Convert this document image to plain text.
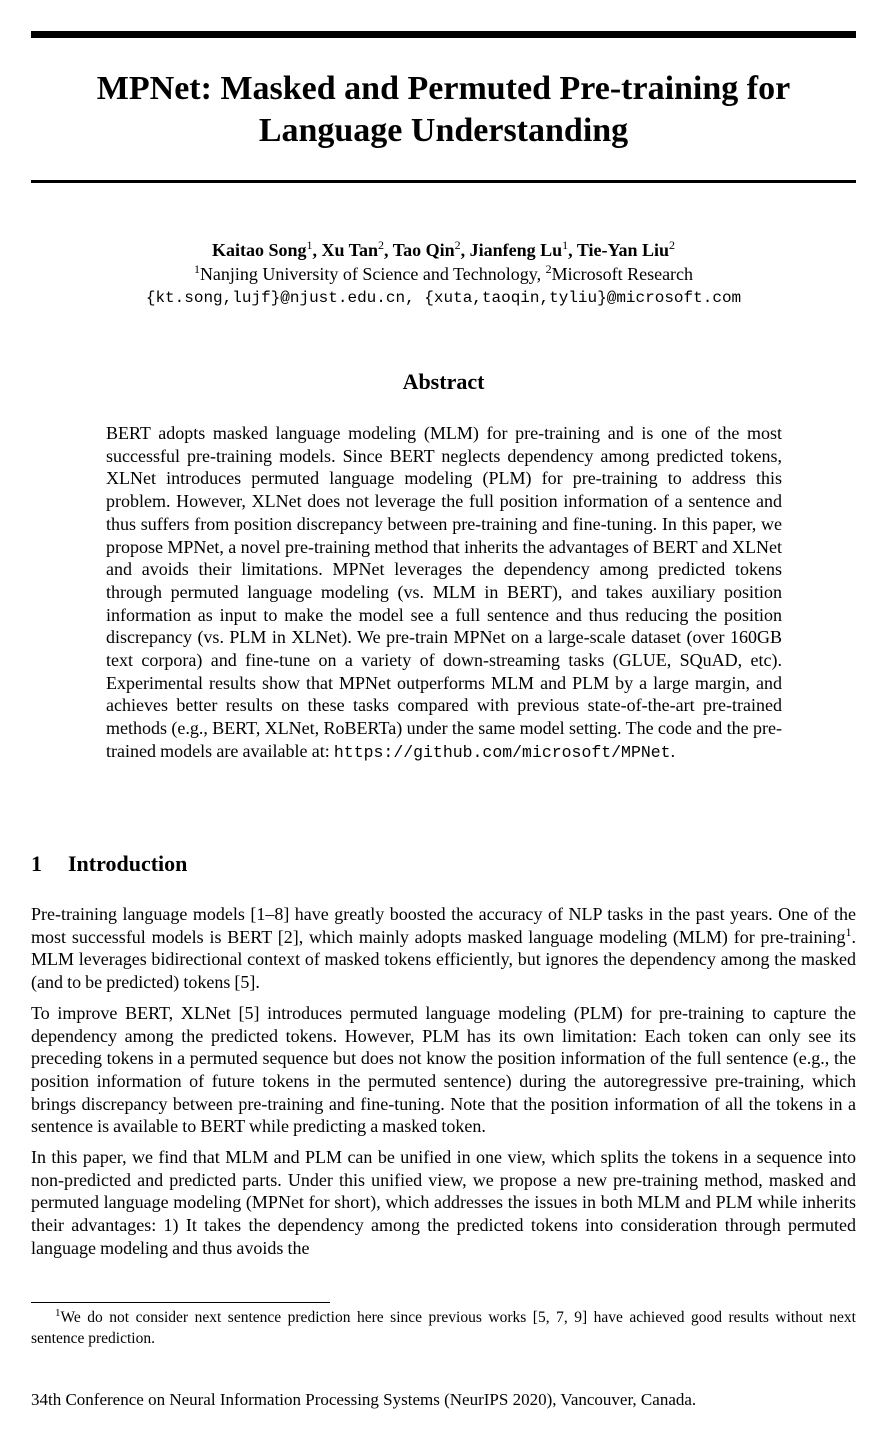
MPNet: Masked and Permuted Pre-training for
Language Understanding
Kaitao Song$^1$, Xu Tan$^2$, Tao Qin$^2$, Jianfeng Lu$^1$, Tie-Yan Liu$^2$
$^1$Nanjing University of Science and Technology, $^2$Microsoft Research
{kt.song,lujf}@njust.edu.cn, {xuta,taoqin,tyliu}@microsoft.com
Abstract
BERT adopts masked language modeling (MLM) for pre-training and is one of the most successful pre-training models. Since BERT neglects dependency among predicted tokens, XLNet introduces permuted language modeling (PLM) for pre-training to address this problem. However, XLNet does not leverage the full position information of a sentence and thus suffers from position discrepancy between pre-training and fine-tuning. In this paper, we propose MPNet, a novel pre-training method that inherits the advantages of BERT and XLNet and avoids their limitations. MPNet leverages the dependency among predicted tokens through permuted language modeling (vs. MLM in BERT), and takes auxiliary position information as input to make the model see a full sentence and thus reducing the position discrepancy (vs. PLM in XLNet). We pre-train MPNet on a large-scale dataset (over 160GB text corpora) and fine-tune on a variety of down-streaming tasks (GLUE, SQuAD, etc). Experimental results show that MPNet outperforms MLM and PLM by a large margin, and achieves better results on these tasks compared with previous state-of-the-art pre-trained methods (e.g., BERT, XLNet, RoBERTa) under the same model setting. The code and the pre-trained models are available at: https://github.com/microsoft/MPNet.
1 Introduction

Pre-training language models [1–8] have greatly boosted the accuracy of NLP tasks in the past years. One of the most successful models is BERT [2], which mainly adopts masked language modeling (MLM) for pre-training$^1$. MLM leverages bidirectional context of masked tokens efficiently, but ignores the dependency among the masked (and to be predicted) tokens [5].

To improve BERT, XLNet [5] introduces permuted language modeling (PLM) for pre-training to capture the dependency among the predicted tokens. However, PLM has its own limitation: Each token can only see its preceding tokens in a permuted sequence but does not know the position information of the full sentence (e.g., the position information of future tokens in the permuted sentence) during the autoregressive pre-training, which brings discrepancy between pre-training and fine-tuning. Note that the position information of all the tokens in a sentence is available to BERT while predicting a masked token.

In this paper, we find that MLM and PLM can be unified in one view, which splits the tokens in a sequence into non-predicted and predicted parts. Under this unified view, we propose a new pre-training method, masked and permuted language modeling (MPNet for short), which addresses the issues in both MLM and PLM while inherits their advantages: 1) It takes the dependency among the predicted tokens into consideration through permuted language modeling and thus avoids the

$^1$We do not consider next sentence prediction here since previous works [5, 7, 9] have achieved good results without next sentence prediction.
34th Conference on Neural Information Processing Systems (NeurIPS 2020), Vancouver, Canada.
